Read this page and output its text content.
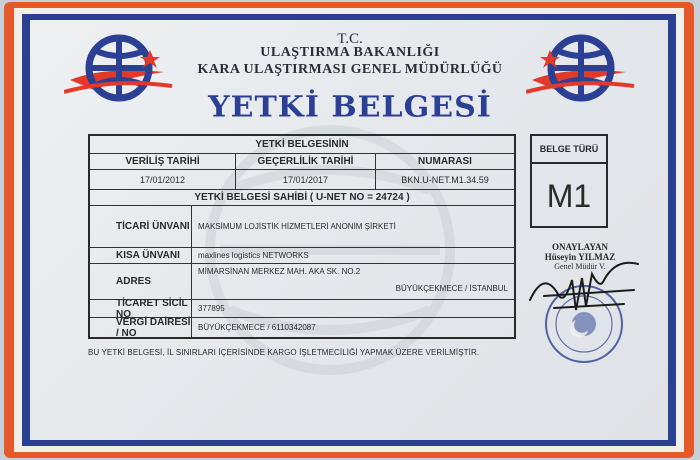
T.C.
ULAŞTIRMA BAKANLIĞI
KARA ULAŞTIRMASI GENEL MÜDÜRLÜĞÜ
YETKİ BELGESİ
YETKİ BELGESİNİN
VERİLİŞ TARİHİ	GEÇERLİLİK TARİHİ	NUMARASI
17/01/2012	17/01/2017	BKN.U-NET.M1.34.59
YETKİ BELGESİ SAHİBİ ( U-NET NO = 24724 )
TİCARİ ÜNVANI	MAKSİMUM LOJİSTİK HİZMETLERİ ANONİM ŞİRKETİ
KISA ÜNVANI	maxlines logistics NETWORKS
ADRES
MİMARSİNAN MERKEZ MAH. AKA SK. NO.2
BÜYÜKÇEKMECE / İSTANBUL
TİCARET SİCİL NO	377895
VERGİ DAİRESİ / NO	BÜYÜKÇEKMECE / 6110342087
BELGE TÜRÜ
M1
ONAYLAYAN
Hüseyin YILMAZ
Genel Müdür V.
BU YETKİ BELGESİ, İL SINIRLARI İÇERİSİNDE KARGO İŞLETMECİLİĞİ YAPMAK ÜZERE VERİLMİŞTİR.
